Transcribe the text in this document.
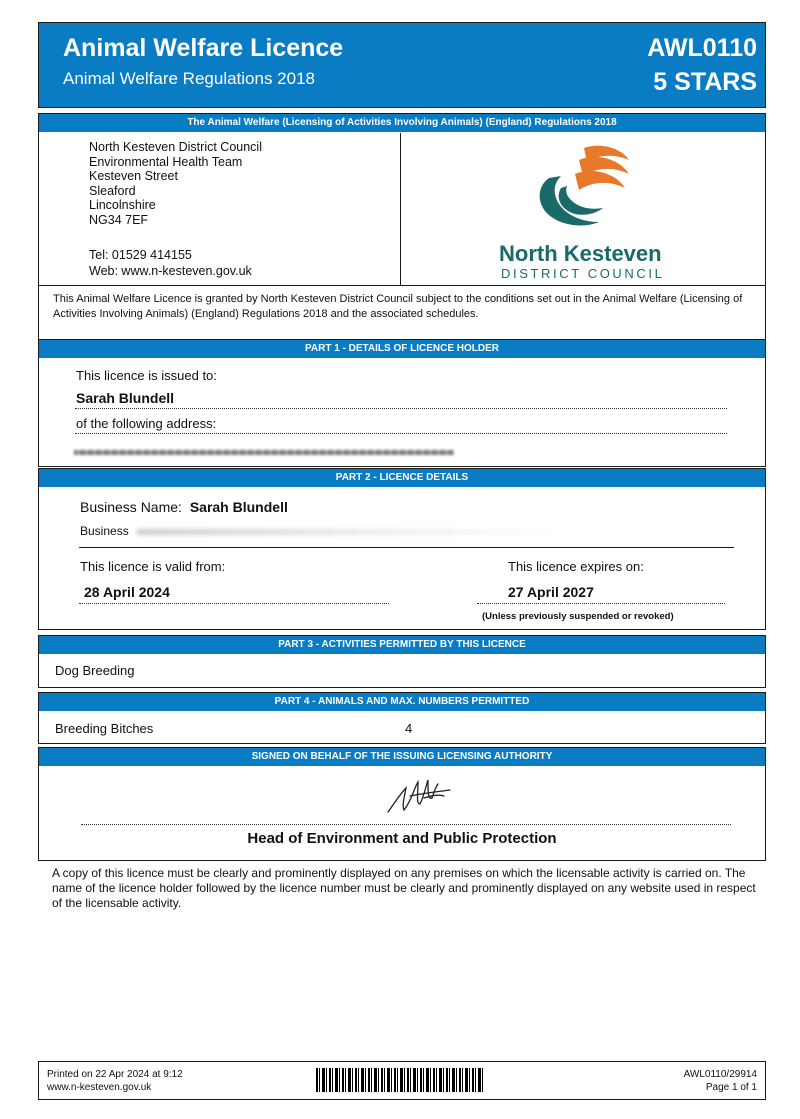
Animal Welfare Licence
Animal Welfare Regulations 2018
AWL0110
5 STARS
The Animal Welfare (Licensing of Activities Involving Animals) (England) Regulations 2018
North Kesteven District Council
Environmental Health Team
Kesteven Street
Sleaford
Lincolnshire
NG34 7EF
Tel: 01529 414155
Web: www.n-kesteven.gov.uk
North Kesteven
DISTRICT COUNCIL
This Animal Welfare Licence is granted by North Kesteven District Council subject to the conditions set out in the Animal Welfare (Licensing of Activities Involving Animals) (England) Regulations 2018 and the associated schedules.
PART 1 - DETAILS OF LICENCE HOLDER
This licence is issued to:
Sarah Blundell
of the following address:
PART 2 - LICENCE DETAILS
Business Name: Sarah Blundell
Business
This licence is valid from:
28 April 2024
This licence expires on:
27 April 2027
(Unless previously suspended or revoked)
PART 3 - ACTIVITIES PERMITTED BY THIS LICENCE
Dog Breeding
PART 4 - ANIMALS AND MAX. NUMBERS PERMITTED
Breeding Bitches	4
SIGNED ON BEHALF OF THE ISSUING LICENSING AUTHORITY
Head of Environment and Public Protection
A copy of this licence must be clearly and prominently displayed on any premises on which the licensable activity is carried on. The name of the licence holder followed by the licence number must be clearly and prominently displayed on any website used in respect of the licensable activity.
Printed on 22 Apr 2024 at 9:12
www.n-kesteven.gov.uk
AWL0110/29914
Page 1 of 1
